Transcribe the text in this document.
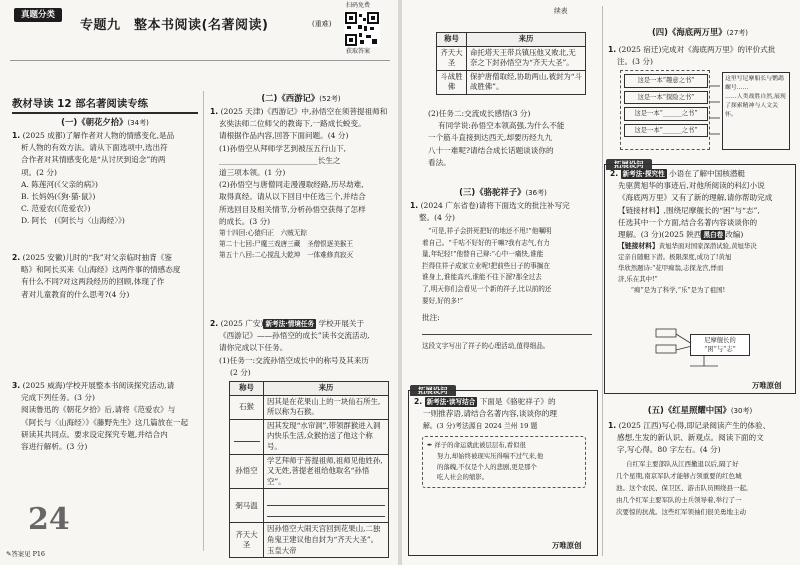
真题分类
专题九　整本书阅读(名著阅读)	(重难)
扫码免费
获取答案
教材导读 12 部名著阅读专练
(一)《朝花夕拾》(34考)
1. (2025 成都)了解作者对人物的情感变化,是品
析人物的有效方法。请从下面选项中,选出符
合作者对其情感变化是“从讨厌到追念”的两
项。(2 分)
A. 陈莲河(《父亲的病》)
B. 长妈妈(《狗·猫·鼠》)
C. 范爱农(《范爱农》)
D. 阿长　(《阿长与〈山海经〉》)
2. (2025 安徽)儿时的“我”对父亲临时抽背《鉴
略》和阿长买来《山海经》这两件事的情感态度
有什么不同?对这两段经历的回顾,体现了作
者对儿童教育的什么思考?(4 分)
3. (2025 威海)学校开展整本书阅读探究活动,请
完成下列任务。(3 分)
阅读鲁迅的《朝花夕拾》后,请将《范爱农》与
《阿长与〈山海经〉》《藤野先生》这几篇放在一起
研读其共同点。要求设定探究专题,并结合内
容进行解析。(3 分)
24
✎答案见 P16
(二)《西游记》(52考)
1. (2025 天津)《西游记》中,孙悟空在须菩提祖师和
玄奘法师二位师父的教诲下,一路成长蜕变。
请根据作品内容,回答下面问题。(4 分)
(1)孙悟空从拜师学艺到被压五行山下,
__________________________长生之
道三项本领。(1 分)
(2)孙悟空与唐僧同走漫漫取经路,历尽劫难,
取得真经。请从以下回目中任选三个,并结合
所选回目及相关情节,分析孙悟空获得了怎样
的成长。(3 分)
第十四回:心猿归正　六贼无踪
第二十七回:尸魔三戏唐三藏　圣僧恨逐美猴王
第五十八回:二心搅乱大乾坤　一体难修真寂灭
2. (2025 广安) 新考法·情境任务 学校开展关于
《西游记》——孙悟空的成长”读书交流活动,
请你完成以下任务。
(1)任务一:交流孙悟空成长中的称号及其来历
(2 分)
称号	来历
石猴	因其是在花果山上的一块仙石所生,所以称为石猴。

	因其发现“水帘洞”,带领群猴进入洞内快乐生活,众猴抬送了他这个称号。
孙悟空	学艺拜师于菩提祖师,祖师见他姓孙,又无姓,菩提老祖给他取名“孙悟空”。
弼马温	

齐天大圣	因孙悟空大闹天宫回到花果山,二独角鬼王建议他自封为“齐天大圣”。玉皇大帝
续表
称号	来历
齐天大圣	命托塔天王带兵镇压他又败北,无奈之下封孙悟空为“齐天大圣”。
斗战胜佛	保护唐僧取经,协助两山,被封为“斗战胜佛”。
(2)任务二:交流成长感悟(3 分)
有同学说:孙悟空本领高强,为什么不能
一个筋斗直接到达西天,却要历经九九
八十一难呢?请结合成长话题谈谈你的
看法。
(三)《骆驼祥子》(36考)
1. (2024 广东省卷)请将下面选文的批注补写完
整。(4 分)
“可是,祥子会拼死把好的地还不甩!”他嘱明
着自己。“千咕不好好的干嘛?我有志气,有力
量,年纪轻!”他替自己辩:“心中一痛快,谁能
拦得住祥子成家立业呢!把前些日子的事搁在
谁身上,谁能高兴,谁能不往下溜?那全过去
了,明天你们会看见一个新的祥子,比以前的还
要好,好的多!”
批注:
这段文字写出了祥子的心理活动,值得细品。
拓展设问
2. 新考法·读写结合 下面是《骆驼祥子》的
一则推荐语,请结合名著内容,谈谈你的理
解。(3 分)考法源自 2024 兰州 19 题
✒ 祥子的命运就此被层层布,看似很
努力,却始终被现实压得喘不过气来,他
的落魄,不仅是个人的悲剧,更是那个
吃人社会的缩影。
万唯原创
(四)《海底两万里》(27考)
1. (2025 宿迁)完成对《海底两万里》的评价式批
注。(3 分)
这是一本“趣意之书”
这是一本“探险之书”
这是一本“______之书”
这是一本“______之书”
这里写尼摩船长与鹦鹉螺号……
……人类战胜自然,展现了探索精神与人文关怀。
拓展设问
2. 新考法·探究性 小语在了解中国核潜艇
先驱黄旭华的事迹后,对他所阅读的科幻小说
《海底两万里》又有了新的理解,请你帮助完成
【链接材料】,围绕尼摩舰长的“困”与“志”,
任选其中一个方面,结合名著内容谈谈你的
理解。(3 分)(2025 陕西 黑白卷 改编)
【链接材料】黄旭华面对国家深潜试验,黄旭华决
定亲自随艇下潜。极限深度,成功了!黄旭
华欣然题诗:“花甲痴翁,志探龙宫,悸而
济,乐在其中!”
　　“痴”是为了科学,“乐”是为了祖国!
尼摩舰长的
“困”与“志”
万唯原创
(五)《红星照耀中国》(30考)
1. (2025 江西)写心得,即记录阅读产生的体验、
感想,生发的新认识、新观点。阅读下面的文
字,写心得。80 字左右。(4 分)
自红军主要部队从江西撤退以后,隔了好
几个星期,南京军队才能够占领重要的红色城
池。这个农民、保卫区、游击队员围绕县一起,
由几个红军主要军队的士兵领导着,举行了一
次要惊的抗战。这些红军领袖们很美勇地主动
